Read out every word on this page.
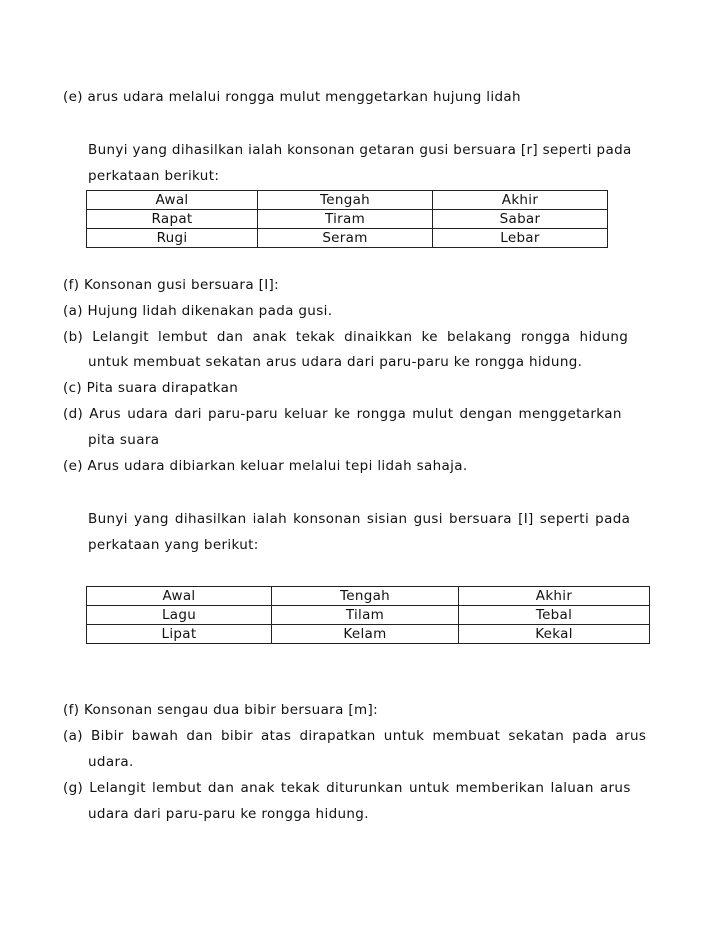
(e) arus udara melalui rongga mulut menggetarkan hujung lidah
Bunyi yang dihasilkan ialah konsonan getaran gusi bersuara [r] seperti pada
perkataan berikut:
Awal	Tengah	Akhir
Rapat	Tiram	Sabar
Rugi	Seram	Lebar
(f) Konsonan gusi bersuara [I]:
(a) Hujung lidah dikenakan pada gusi.
(b) Lelangit lembut dan anak tekak dinaikkan ke belakang rongga hidung
untuk membuat sekatan arus udara dari paru-paru ke rongga hidung.
(c) Pita suara dirapatkan
(d) Arus udara dari paru-paru keluar ke rongga mulut dengan menggetarkan
pita suara
(e) Arus udara dibiarkan keluar melalui tepi lidah sahaja.
Bunyi yang dihasilkan ialah konsonan sisian gusi bersuara [I] seperti pada
perkataan yang berikut:
Awal	Tengah	Akhir
Lagu	Tilam	Tebal
Lipat	Kelam	Kekal
(f) Konsonan sengau dua bibir bersuara [m]:
(a) Bibir bawah dan bibir atas dirapatkan untuk membuat sekatan pada arus
udara.
(g) Lelangit lembut dan anak tekak diturunkan untuk memberikan laluan arus
udara dari paru-paru ke rongga hidung.
